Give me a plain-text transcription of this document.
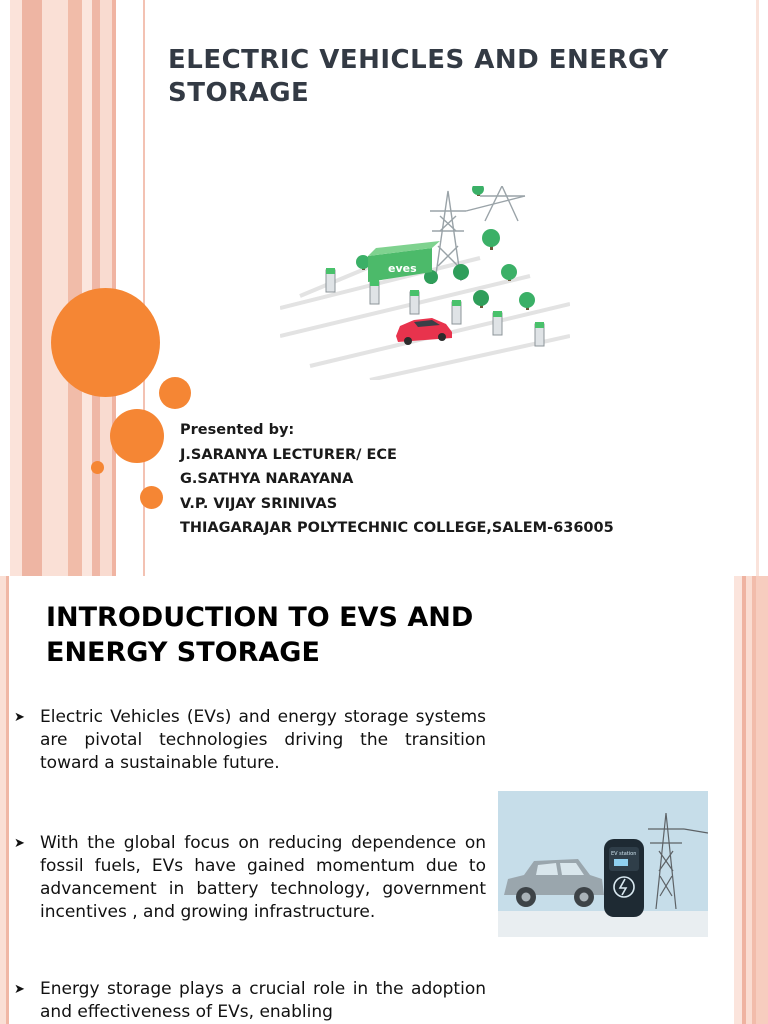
ELECTRIC VEHICLES AND ENERGY STORAGE
eves
Presented by:
J.SARANYA LECTURER/ ECE
G.SATHYA NARAYANA
V.P. VIJAY SRINIVAS
THIAGARAJAR POLYTECHNIC COLLEGE,SALEM-636005
INTRODUCTION TO EVS AND ENERGY STORAGE
➤ Electric Vehicles (EVs) and energy storage systems are pivotal technologies driving the transition toward a sustainable future.
➤ With the global focus on reducing dependence on fossil fuels, EVs have gained momentum due to advancement in battery technology, government incentives , and growing infrastructure.
➤ Energy storage plays a crucial role in the adoption and effectiveness of EVs, enabling
EV station
